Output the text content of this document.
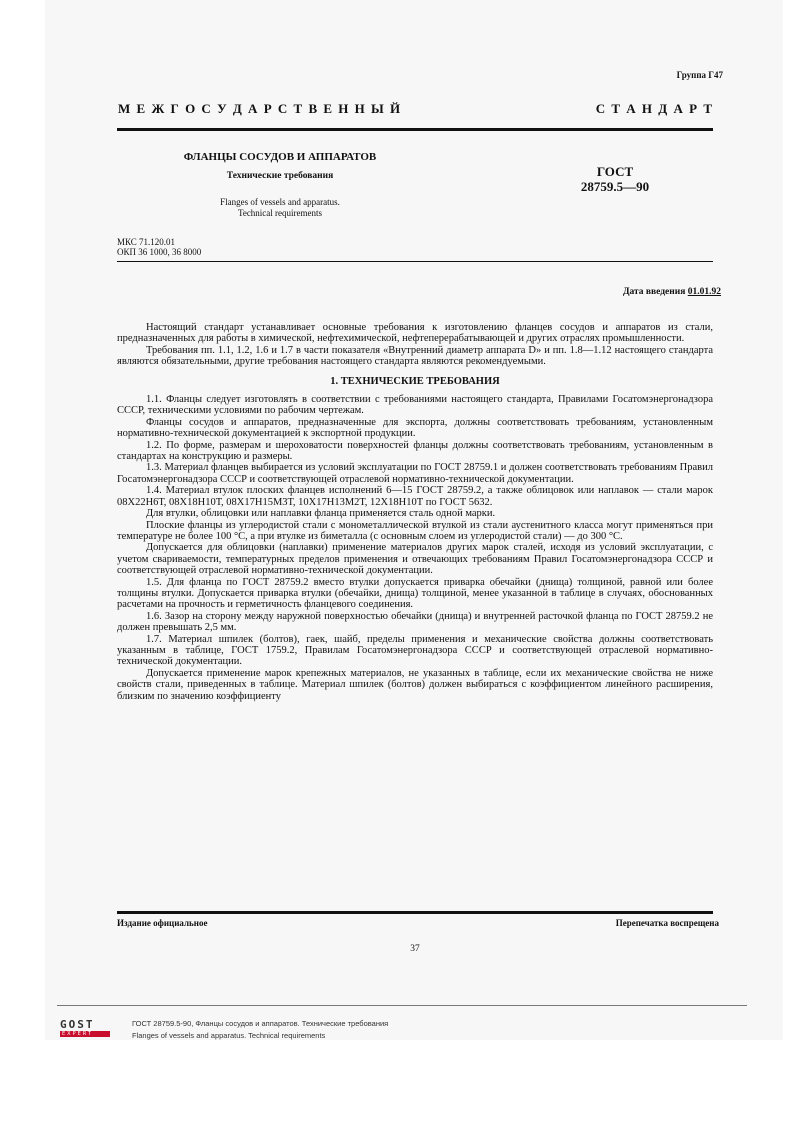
Группа Г47
М Е Ж Г О С У Д А Р С Т В Е Н Н Ы Й	С Т А Н Д А Р Т
ФЛАНЦЫ СОСУДОВ И АППАРАТОВ
Технические требования
Flanges of vessels and apparatus.
Technical requirements
ГОСТ
28759.5—90
МКС 71.120.01
ОКП 36 1000, 36 8000
Дата введения 01.01.92

Настоящий стандарт устанавливает основные требования к изготовлению фланцев сосудов и аппаратов из стали, предназначенных для работы в химической, нефтехимической, нефтеперерабатывающей и других отраслях промышленности.

Требования пп. 1.1, 1.2, 1.6 и 1.7 в части показателя «Внутренний диаметр аппарата D» и пп. 1.8—1.12 настоящего стандарта являются обязательными, другие требования настоящего стандарта являются рекомендуемыми.

1. ТЕХНИЧЕСКИЕ ТРЕБОВАНИЯ

1.1. Фланцы следует изготовлять в соответствии с требованиями настоящего стандарта, Правилами Госатомэнергонадзора СССР, техническими условиями по рабочим чертежам.

Фланцы сосудов и аппаратов, предназначенные для экспорта, должны соответствовать требованиям, установленным нормативно-технической документацией к экспортной продукции.

1.2. По форме, размерам и шероховатости поверхностей фланцы должны соответствовать требованиям, установленным в стандартах на конструкцию и размеры.

1.3. Материал фланцев выбирается из условий эксплуатации по ГОСТ 28759.1 и должен соответствовать требованиям Правил Госатомэнергонадзора СССР и соответствующей отраслевой нормативно-технической документации.

1.4. Материал втулок плоских фланцев исполнений 6—15 ГОСТ 28759.2, а также облицовок или наплавок — стали марок 08Х22Н6Т, 08Х18Н10Т, 08Х17Н15М3Т, 10Х17Н13М2Т, 12Х18Н10Т по ГОСТ 5632.

Для втулки, облицовки или наплавки фланца применяется сталь одной марки.

Плоские фланцы из углеродистой стали с монометаллической втулкой из стали аустенитного класса могут применяться при температуре не более 100 °С, а при втулке из биметалла (с основным слоем из углеродистой стали) — до 300 °С.

Допускается для облицовки (наплавки) применение материалов других марок сталей, исходя из условий эксплуатации, с учетом свариваемости, температурных пределов применения и отвечающих требованиям Правил Госатомэнергонадзора СССР и соответствующей отраслевой нормативно-технической документации.

1.5. Для фланца по ГОСТ 28759.2 вместо втулки допускается приварка обечайки (днища) толщиной, равной или более толщины втулки. Допускается приварка втулки (обечайки, днища) толщиной, менее указанной в таблице в случаях, обоснованных расчетами на прочность и герметичность фланцевого соединения.

1.6. Зазор на сторону между наружной поверхностью обечайки (днища) и внутренней расточкой фланца по ГОСТ 28759.2 не должен превышать 2,5 мм.

1.7. Материал шпилек (болтов), гаек, шайб, пределы применения и механические свойства должны соответствовать указанным в таблице, ГОСТ 1759.2, Правилам Госатомэнергонадзора СССР и соответствующей отраслевой нормативно-технической документации.

Допускается применение марок крепежных материалов, не указанных в таблице, если их механические свойства не ниже свойств стали, приведенных в таблице. Материал шпилек (болтов) должен выбираться с коэффициентом линейного расширения, близким по значению коэффициенту

Издание официальное	Перепечатка воспрещена
37
GOST
EXPERT
ГОСТ 28759.5-90, Фланцы сосудов и аппаратов. Технические требования
Flanges of vessels and apparatus. Technical requirements
